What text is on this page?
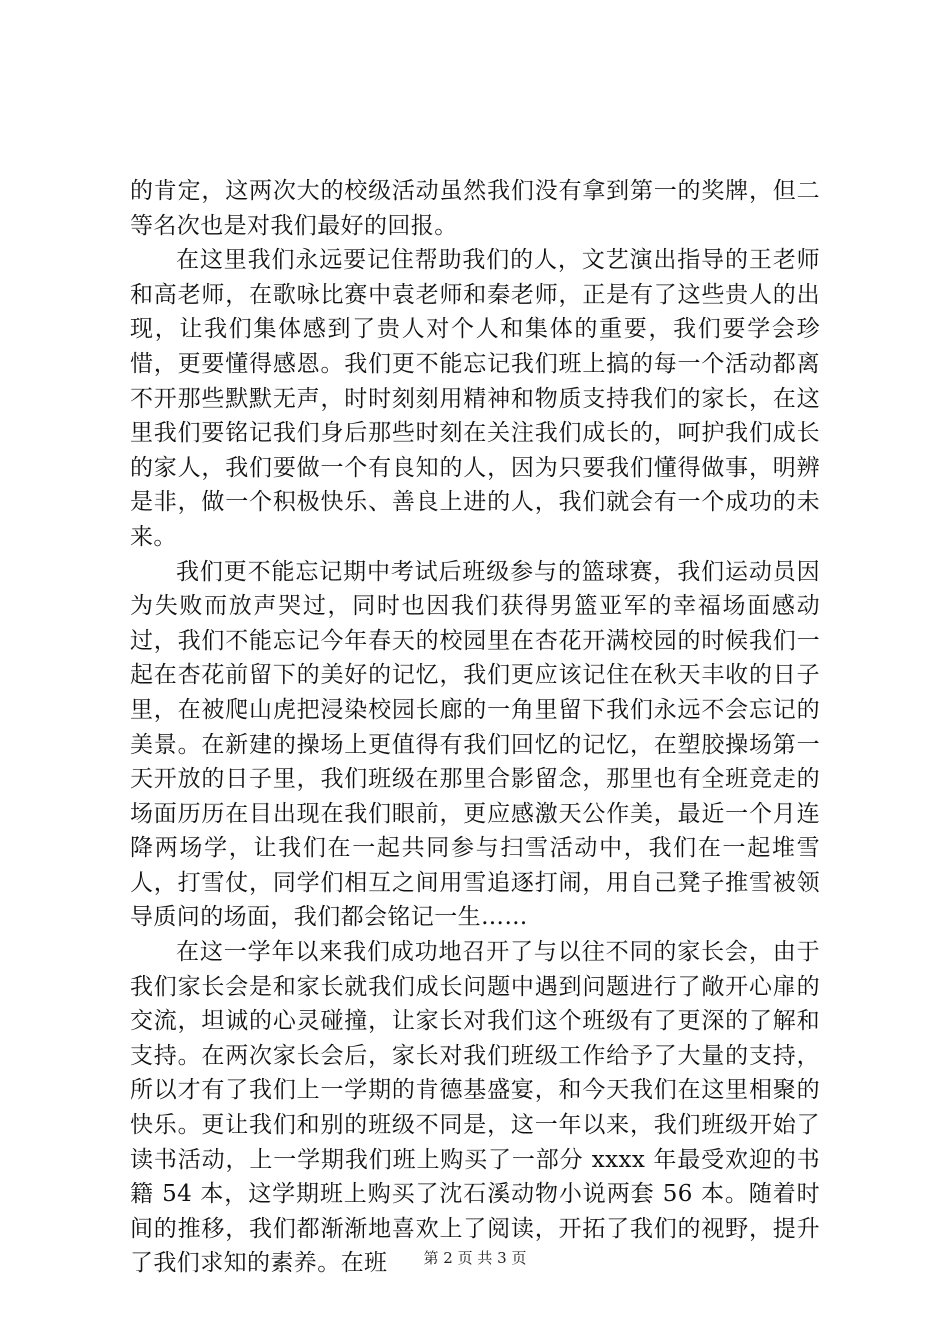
的肯定，这两次大的校级活动虽然我们没有拿到第一的奖牌，但二等名次也是对我们最好的回报。

在这里我们永远要记住帮助我们的人，文艺演出指导的王老师和高老师，在歌咏比赛中袁老师和秦老师，正是有了这些贵人的出现，让我们集体感到了贵人对个人和集体的重要，我们要学会珍惜，更要懂得感恩。我们更不能忘记我们班上搞的每一个活动都离不开那些默默无声，时时刻刻用精神和物质支持我们的家长，在这里我们要铭记我们身后那些时刻在关注我们成长的，呵护我们成长的家人，我们要做一个有良知的人，因为只要我们懂得做事，明辨是非，做一个积极快乐、善良上进的人，我们就会有一个成功的未来。

我们更不能忘记期中考试后班级参与的篮球赛，我们运动员因为失败而放声哭过，同时也因我们获得男篮亚军的幸福场面感动过，我们不能忘记今年春天的校园里在杏花开满校园的时候我们一起在杏花前留下的美好的记忆，我们更应该记住在秋天丰收的日子里，在被爬山虎把浸染校园长廊的一角里留下我们永远不会忘记的美景。在新建的操场上更值得有我们回忆的记忆，在塑胶操场第一天开放的日子里，我们班级在那里合影留念，那里也有全班竞走的场面历历在目出现在我们眼前，更应感激天公作美，最近一个月连降两场学，让我们在一起共同参与扫雪活动中，我们在一起堆雪人，打雪仗，同学们相互之间用雪追逐打闹，用自己凳子推雪被领导质问的场面，我们都会铭记一生……

在这一学年以来我们成功地召开了与以往不同的家长会，由于我们家长会是和家长就我们成长问题中遇到问题进行了敞开心扉的交流，坦诚的心灵碰撞，让家长对我们这个班级有了更深的了解和支持。在两次家长会后，家长对我们班级工作给予了大量的支持，所以才有了我们上一学期的肯德基盛宴，和今天我们在这里相聚的快乐。更让我们和别的班级不同是，这一年以来，我们班级开始了读书活动，上一学期我们班上购买了一部分 xxxx 年最受欢迎的书籍 54 本，这学期班上购买了沈石溪动物小说两套 56 本。随着时间的推移，我们都渐渐地喜欢上了阅读，开拓了我们的视野，提升了我们求知的素养。在班	第 2 页 共 3 页
